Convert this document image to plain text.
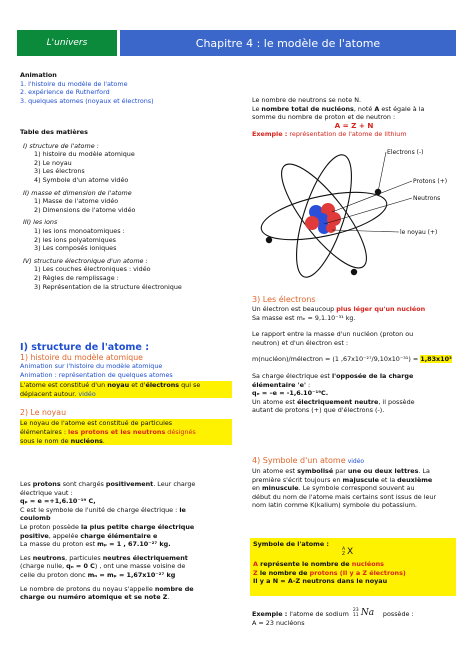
L'univers	Chapitre 4 : le modèle de l'atome
Animation
1. l'histoire du modèle de l'atome
2. expérience de Rutherford
3. quelques atomes (noyaux et électrons)
Table des matières
I) structure de l'atome :
1) histoire du modèle atomique
2) Le noyau
3) Les électrons
4) Symbole d'un atome vidéo
II) masse et dimension de l'atome
1) Masse de l'atome vidéo
2) Dimensions de l'atome vidéo
III) les ions
1) les ions monoatomiques :
2) les ions polyatomiques
3) Les composés ioniques
IV) structure électronique d'un atome :
1) Les couches électroniques : vidéo
2) Règles de remplissage :
3) Représentation de la structure électronique
I) structure de l'atome :
1) histoire du modèle atomique
Animation sur l'histoire du modèle atomique
Animation : représentation de quelques atomes
L'atome est constitué d'un noyau et d'électrons qui se
déplacent autour. vidéo
2) Le noyau
Le noyau de l'atome est constitué de particules
élémentaires : les protons et les neutrons désignés
sous le nom de nucléons.
Les protons sont chargés positivement. Leur charge
électrique vaut :
qₚ = e =+1,6.10⁻¹⁹ C,
C est le symbole de l'unité de charge électrique : le
coulomb
Le proton possède la plus petite charge électrique
positive, appelée charge élémentaire e
La masse du proton est mₚ = 1 , 67.10⁻²⁷ kg.
Les neutrons, particules neutres électriquement
(charge nulle, qₙ = 0 C) , ont une masse voisine de
celle du proton donc mₙ = mₚ = 1,67x10⁻²⁷ kg
Le nombre de protons du noyau s'appelle nombre de
charge ou numéro atomique et se note Z.
Le nombre de neutrons se note N.
Le nombre total de nucléons, noté A est égale à la
somme du nombre de proton et de neutron :
A = Z + N
Exemple : représentation de l'atome de lithium
Electrons (-)
Protons (+)
Neutrons
le noyau (+)
3) Les électrons
Un électron est beaucoup plus léger qu'un nucléon
Sa masse est mₑ = 9,1.10⁻³¹ kg.
Le rapport entre la masse d'un nucléon (proton ou
neutron) et d'un électron est :
m(nucléon)/mélectron = (1 ,67x10⁻²⁷/9,10x10⁻³¹) = 1,83x10³
Sa charge électrique est l'opposée de la charge
élémentaire 'e' :
qₑ = –e = -1,6.10⁻¹⁹C.
Un atome est électriquement neutre, il possède
autant de protons (+) que d'électrons (-).
4) Symbole d'un atome vidéo
Un atome est symbolisé par une ou deux lettres. La
première s'écrit toujours en majuscule et la deuxième
en minuscule. Le symbole correspond souvent au
début du nom de l'atome mais certains sont issus de leur
nom latin comme K(kalium) symbole du potassium.
Symbole de l'atome :
A
Z X
A représente le nombre de nucléons
Z le nombre de protons (Il y a Z électrons)
Il y a N = A-Z neutrons dans le noyau
Exemple : l'atome de sodium 23
11 Na possède :
A = 23 nucléons
